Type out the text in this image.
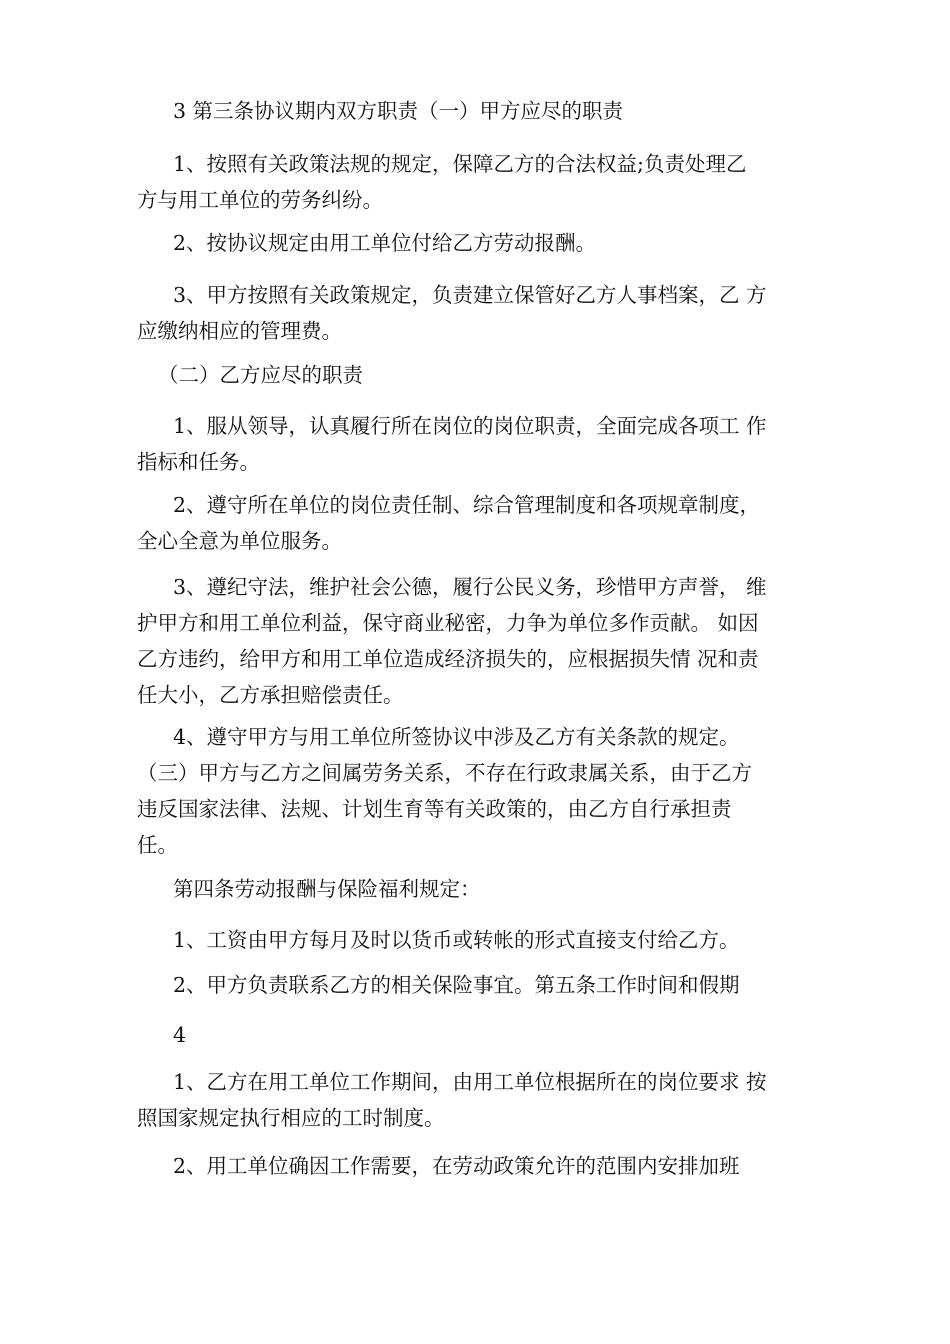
3 第三条协议期内双方职责（一）甲方应尽的职责

1、按照有关政策法规的规定，保障乙方的合法权益;负责处理乙

方与用工单位的劳务纠纷。

2、按协议规定由用工单位付给乙方劳动报酬。

3、甲方按照有关政策规定，负责建立保管好乙方人事档案，乙 方

应缴纳相应的管理费。

（二）乙方应尽的职责

1、服从领导，认真履行所在岗位的岗位职责，全面完成各项工 作

指标和任务。

2、遵守所在单位的岗位责任制、综合管理制度和各项规章制度，

全心全意为单位服务。

3、遵纪守法，维护社会公德，履行公民义务，珍惜甲方声誉， 维

护甲方和用工单位利益，保守商业秘密，力争为单位多作贡献。 如因

乙方违约，给甲方和用工单位造成经济损失的，应根据损失情 况和责

任大小，乙方承担赔偿责任。

4、遵守甲方与用工单位所签协议中涉及乙方有关条款的规定。

（三）甲方与乙方之间属劳务关系，不存在行政隶属关系，由于乙方

违反国家法律、法规、计划生育等有关政策的，由乙方自行承担责

任。

第四条劳动报酬与保险福利规定：

1、工资由甲方每月及时以货币或转帐的形式直接支付给乙方。

2、甲方负责联系乙方的相关保险事宜。第五条工作时间和假期

4

1、乙方在用工单位工作期间，由用工单位根据所在的岗位要求 按

照国家规定执行相应的工时制度。

2、用工单位确因工作需要，在劳动政策允许的范围内安排加班
